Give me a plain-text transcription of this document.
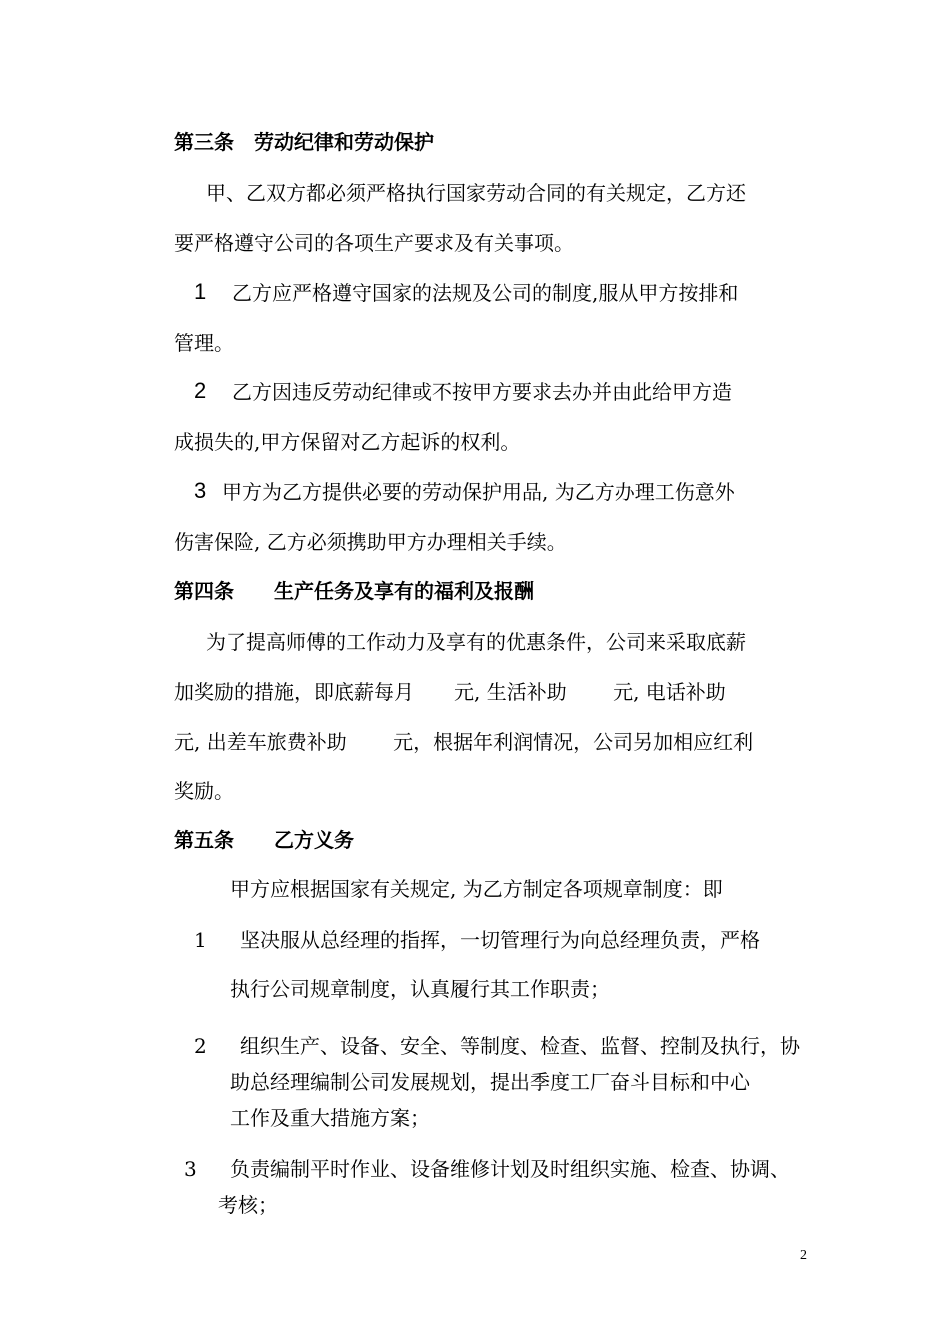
第三条　劳动纪律和劳动保护
甲、乙双方都必须严格执行国家劳动合同的有关规定，乙方还
要严格遵守公司的各项生产要求及有关事项。
1 乙方应严格遵守国家的法规及公司的制度,服从甲方按排和
管理。
2 乙方因违反劳动纪律或不按甲方要求去办并由此给甲方造
成损失的,甲方保留对乙方起诉的权利。
3 甲方为乙方提供必要的劳动保护用品, 为乙方办理工伤意外
伤害保险, 乙方必须携助甲方办理相关手续。
第四条　　生产任务及享有的福利及报酬
为了提高师傅的工作动力及享有的优惠条件，公司来采取底薪
加奖励的措施，即底薪每月　　元, 生活补助　　 元, 电话补助
元, 出差车旅费补助　　 元，根据年利润情况，公司另加相应红利
奖励。
第五条　　乙方义务
甲方应根据国家有关规定, 为乙方制定各项规章制度：即
1 坚决服从总经理的指挥，一切管理行为向总经理负责，严格
执行公司规章制度，认真履行其工作职责；
2 组织生产、设备、安全、等制度、检查、监督、控制及执行，协
助总经理编制公司发展规划，提出季度工厂奋斗目标和中心
工作及重大措施方案；
3 负责编制平时作业、设备维修计划及时组织实施、检查、协调、
考核；
2
